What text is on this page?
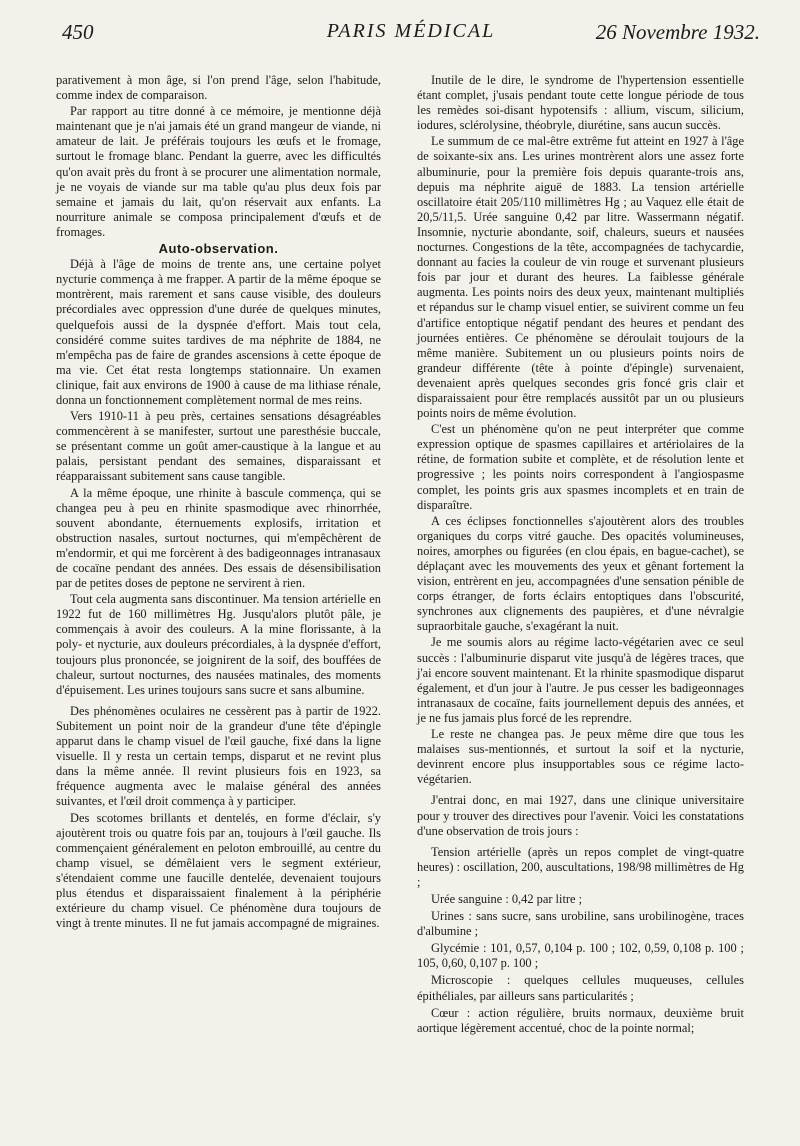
450	PARIS MÉDICAL	26 Novembre 1932.

parativement à mon âge, si l'on prend l'âge, selon l'habitude, comme index de comparaison.

Par rapport au titre donné à ce mémoire, je mentionne déjà maintenant que je n'ai jamais été un grand mangeur de viande, ni amateur de lait. Je préférais toujours les œufs et le fromage, surtout le fromage blanc. Pendant la guerre, avec les difficultés qu'on avait près du front à se procurer une alimentation normale, je ne voyais de viande sur ma table qu'au plus deux fois par semaine et jamais du lait, qu'on réservait aux enfants. La nourriture animale se composa principalement d'œufs et de fromages.

Auto-observation.

Déjà à l'âge de moins de trente ans, une certaine polyet nycturie commença à me frapper. A partir de la même époque se montrèrent, mais rarement et sans cause visible, des douleurs précordiales avec oppression d'une durée de quelques minutes, quelquefois aussi de la dyspnée d'effort. Mais tout cela, considéré comme suites tardives de ma néphrite de 1884, ne m'empêcha pas de faire de grandes ascensions à cette époque de ma vie. Cet état resta longtemps stationnaire. Un examen clinique, fait aux environs de 1900 à cause de ma lithiase rénale, donna un fonctionnement complètement normal de mes reins.

Vers 1910-11 à peu près, certaines sensations désagréables commencèrent à se manifester, surtout une paresthésie buccale, se présentant comme un goût amer-caustique à la langue et au palais, persistant pendant des semaines, disparaissant et réapparaissant subitement sans cause tangible.

A la même époque, une rhinite à bascule commença, qui se changea peu à peu en rhinite spasmodique avec rhinorrhée, souvent abondante, éternuements explosifs, irritation et obstruction nasales, surtout nocturnes, qui m'empêchèrent de m'endormir, et qui me forcèrent à des badigeonnages intranasaux de cocaïne pendant des années. Des essais de désensibilisation par de petites doses de peptone ne servirent à rien.

Tout cela augmenta sans discontinuer. Ma tension artérielle en 1922 fut de 160 millimètres Hg. Jusqu'alors plutôt pâle, je commençais à avoir des couleurs. A la mine florissante, à la poly- et nycturie, aux douleurs précordiales, à la dyspnée d'effort, toujours plus prononcée, se joignirent de la soif, des bouffées de chaleur, surtout nocturnes, des nausées matinales, des moments d'épuisement. Les urines toujours sans sucre et sans albumine.

Des phénomènes oculaires ne cessèrent pas à partir de 1922. Subitement un point noir de la grandeur d'une tête d'épingle apparut dans le champ visuel de l'œil gauche, fixé dans la ligne visuelle. Il y resta un certain temps, disparut et ne revint plus dans la même année. Il revint plusieurs fois en 1923, sa fréquence augmenta avec le malaise général des années suivantes, et l'œil droit commença à y participer.

Des scotomes brillants et dentelés, en forme d'éclair, s'y ajoutèrent trois ou quatre fois par an, toujours à l'œil gauche. Ils commençaient généralement en peloton embrouillé, au centre du champ visuel, se démêlaient vers le segment extérieur, s'étendaient comme une faucille dentelée, devenaient toujours plus étendus et disparaissaient finalement à la périphérie extérieure du champ visuel. Ce phénomène dura toujours de vingt à trente minutes. Il ne fut jamais accompagné de migraines.

Inutile de le dire, le syndrome de l'hypertension essentielle étant complet, j'usais pendant toute cette longue période de tous les remèdes soi-disant hypotensifs : allium, viscum, silicium, iodures, sclérolysine, théobryle, diurétine, sans aucun succès.

Le summum de ce mal-être extrême fut atteint en 1927 à l'âge de soixante-six ans. Les urines montrèrent alors une assez forte albuminurie, pour la première fois depuis quarante-trois ans, depuis ma néphrite aiguë de 1883. La tension artérielle oscillatoire était 205/110 millimètres Hg ; au Vaquez elle était de 20,5/11,5. Urée sanguine 0,42 par litre. Wassermann négatif. Insomnie, nycturie abondante, soif, chaleurs, sueurs et nausées nocturnes. Congestions de la tête, accompagnées de tachycardie, donnant au facies la couleur de vin rouge et survenant plusieurs fois par jour et durant des heures. La faiblesse générale augmenta. Les points noirs des deux yeux, maintenant multipliés et répandus sur le champ visuel entier, se suivirent comme un feu d'artifice entoptique négatif pendant des heures et pendant des journées entières. Ce phénomène se déroulait toujours de la même manière. Subitement un ou plusieurs points noirs de grandeur différente (tête à pointe d'épingle) survenaient, devenaient après quelques secondes gris foncé gris clair et disparaissaient pour être remplacés aussitôt par un ou plusieurs points noirs de même évolution.

C'est un phénomène qu'on ne peut interpréter que comme expression optique de spasmes capillaires et artériolaires de la rétine, de formation subite et complète, et de résolution lente et progressive ; les points noirs correspondent à l'angiospasme complet, les points gris aux spasmes incomplets et en train de disparaître.

A ces éclipses fonctionnelles s'ajoutèrent alors des troubles organiques du corps vitré gauche. Des opacités volumineuses, noires, amorphes ou figurées (en clou épais, en bague-cachet), se déplaçant avec les mouvements des yeux et gênant fortement la vision, entrèrent en jeu, accompagnées d'une sensation pénible de corps étranger, de forts éclairs entoptiques dans l'obscurité, synchrones aux clignements des paupières, et d'une névralgie supraorbitale gauche, s'exagérant la nuit.

Je me soumis alors au régime lacto-végétarien avec ce seul succès : l'albuminurie disparut vite jusqu'à de légères traces, que j'ai encore souvent maintenant. Et la rhinite spasmodique disparut également, et d'un jour à l'autre. Je pus cesser les badigeonnages intranasaux de cocaïne, faits journellement depuis des années, et je ne fus jamais plus forcé de les reprendre.

Le reste ne changea pas. Je peux même dire que tous les malaises sus-mentionnés, et surtout la soif et la nycturie, devinrent encore plus insupportables sous ce régime lacto-végétarien.

J'entrai donc, en mai 1927, dans une clinique universitaire pour y trouver des directives pour l'avenir. Voici les constatations d'une observation de trois jours :

Tension artérielle (après un repos complet de vingt-quatre heures) : oscillation, 200, auscultations, 198/98 millimètres de Hg ;

Urée sanguine : 0,42 par litre ;

Urines : sans sucre, sans urobiline, sans urobilinogène, traces d'albumine ;

Glycémie : 101, 0,57, 0,104 p. 100 ; 102, 0,59, 0,108 p. 100 ; 105, 0,60, 0,107 p. 100 ;

Microscopie : quelques cellules muqueuses, cellules épithéliales, par ailleurs sans particularités ;

Cœur : action régulière, bruits normaux, deuxième bruit aortique légèrement accentué, choc de la pointe normal;
